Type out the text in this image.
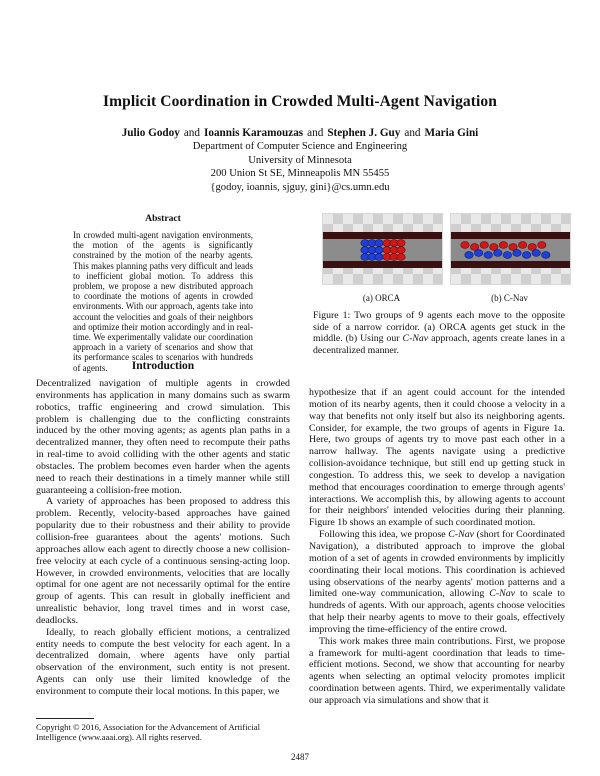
Implicit Coordination in Crowded Multi-Agent Navigation
Julio Godoy and Ioannis Karamouzas and Stephen J. Guy and Maria Gini
Department of Computer Science and Engineering
University of Minnesota
200 Union St SE, Minneapolis MN 55455
{godoy, ioannis, sjguy, gini}@cs.umn.edu
Abstract
In crowded multi-agent navigation environments, the motion of the agents is significantly constrained by the motion of the nearby agents. This makes planning paths very difficult and leads to inefficient global motion. To address this problem, we propose a new distributed approach to coordinate the motions of agents in crowded environments. With our approach, agents take into account the velocities and goals of their neighbors and optimize their motion accordingly and in real-time. We experimentally validate our coordination approach in a variety of scenarios and show that its performance scales to scenarios with hundreds of agents.	Introduction

Decentralized navigation of multiple agents in crowded environments has application in many domains such as swarm robotics, traffic engineering and crowd simulation. This problem is challenging due to the conflicting constraints induced by the other moving agents; as agents plan paths in a decentralized manner, they often need to recompute their paths in real-time to avoid colliding with the other agents and static obstacles. The problem becomes even harder when the agents need to reach their destinations in a timely manner while still guaranteeing a collision-free motion.

A variety of approaches has been proposed to address this problem. Recently, velocity-based approaches have gained popularity due to their robustness and their ability to provide collision-free guarantees about the agents' motions. Such approaches allow each agent to directly choose a new collision-free velocity at each cycle of a continuous sensing-acting loop. However, in crowded environments, velocities that are locally optimal for one agent are not necessarily optimal for the entire group of agents. This can result in globally inefficient and unrealistic behavior, long travel times and in worst case, deadlocks.

Ideally, to reach globally efficient motions, a centralized entity needs to compute the best velocity for each agent. In a decentralized domain, where agents have only partial observation of the environment, such entity is not present. Agents can only use their limited knowledge of the environment to compute their local motions. In this paper, we

(a) ORCA	(b) C-Nav
Figure 1: Two groups of 9 agents each move to the opposite side of a narrow corridor. (a) ORCA agents get stuck in the middle. (b) Using our C-Nav approach, agents create lanes in a decentralized manner.

hypothesize that if an agent could account for the intended motion of its nearby agents, then it could choose a velocity in a way that benefits not only itself but also its neighboring agents. Consider, for example, the two groups of agents in Figure 1a. Here, two groups of agents try to move past each other in a narrow hallway. The agents navigate using a predictive collision-avoidance technique, but still end up getting stuck in congestion. To address this, we seek to develop a navigation method that encourages coordination to emerge through agents' interactions. We accomplish this, by allowing agents to account for their neighbors' intended velocities during their planning. Figure 1b shows an example of such coordinated motion.

Following this idea, we propose C-Nav (short for Coordinated Navigation), a distributed approach to improve the global motion of a set of agents in crowded environments by implicitly coordinating their local motions. This coordination is achieved using observations of the nearby agents' motion patterns and a limited one-way communication, allowing C-Nav to scale to hundreds of agents. With our approach, agents choose velocities that help their nearby agents to move to their goals, effectively improving the time-efficiency of the entire crowd.

This work makes three main contributions. First, we propose a framework for multi-agent coordination that leads to time-efficient motions. Second, we show that accounting for nearby agents when selecting an optimal velocity promotes implicit coordination between agents. Third, we experimentally validate our approach via simulations and show that it

Copyright © 2016, Association for the Advancement of Artificial Intelligence (www.aaai.org). All rights reserved.
2487
